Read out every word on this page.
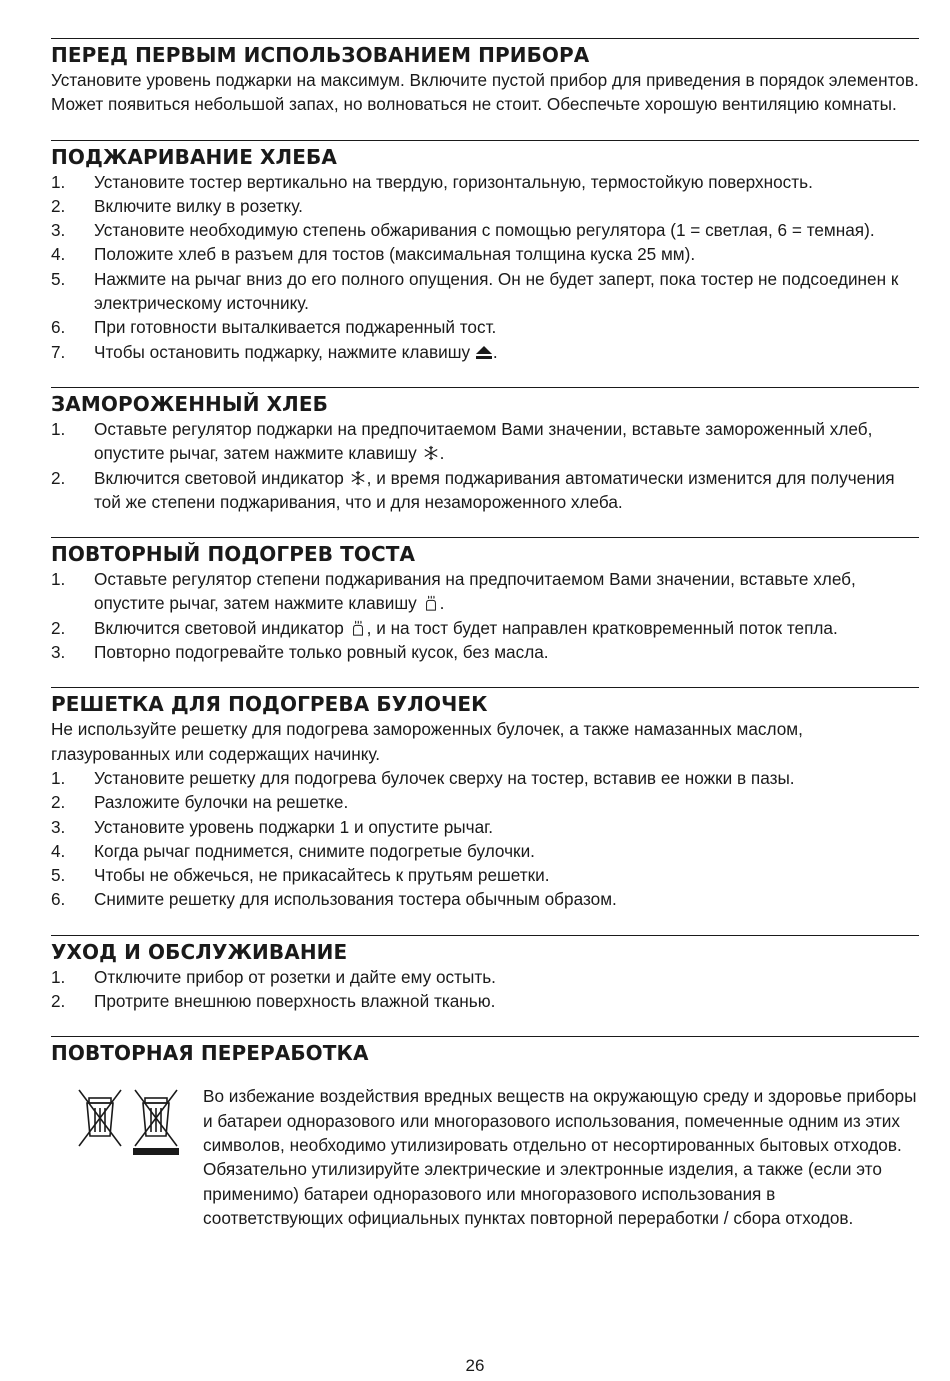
ПЕРЕД ПЕРВЫМ ИСПОЛЬЗОВАНИЕМ ПРИБОРА

Установите уровень поджарки на максимум. Включите пустой прибор для приведения в порядок элементов. Может появиться небольшой запах, но волноваться не стоит. Обеспечьте хорошую вентиляцию комнаты.

ПОДЖАРИВАНИЕ ХЛЕБА
1. Установите тостер вертикально на твердую, горизонтальную, термостойкую поверхность.
2. Включите вилку в розетку.
3. Установите необходимую степень обжаривания с помощью регулятора (1 = светлая, 6 = темная).
4. Положите хлеб в разъем для тостов (максимальная толщина куска 25 мм).
5. Нажмите на рычаг вниз до его полного опущения. Он не будет заперт, пока тостер не подсоединен к электрическому источнику.
6. При готовности выталкивается поджаренный тост.
7. Чтобы остановить поджарку, нажмите клавишу .
ЗАМОРОЖЕННЫЙ ХЛЕБ
1. Оставьте регулятор поджарки на предпочитаемом Вами значении, вставьте замороженный хлеб, опустите рычаг, затем нажмите клавишу .
2. Включится световой индикатор , и время поджаривания автоматически изменится для получения той же степени поджаривания, что и для незамороженного хлеба.
ПОВТОРНЫЙ ПОДОГРЕВ ТОСТА
1. Оставьте регулятор степени поджаривания на предпочитаемом Вами значении, вставьте хлеб, опустите рычаг, затем нажмите клавишу .
2. Включится световой индикатор , и на тост будет направлен кратковременный поток тепла.
3. Повторно подогревайте только ровный кусок, без масла.
РЕШЕТКА ДЛЯ ПОДОГРЕВА БУЛОЧЕК

Не используйте решетку для подогрева замороженных булочек, а также намазанных маслом, глазурованных или содержащих начинку.

1. Установите решетку для подогрева булочек сверху на тостер, вставив ее ножки в пазы.
2. Разложите булочки на решетке.
3. Установите уровень поджарки 1 и опустите рычаг.
4. Когда рычаг поднимется, снимите подогретые булочки.
5. Чтобы не обжечься, не прикасайтесь к прутьям решетки.
6. Снимите решетку для использования тостера обычным образом.
УХОД И ОБСЛУЖИВАНИЕ
1. Отключите прибор от розетки и дайте ему остыть.
2. Протрите внешнюю поверхность влажной тканью.
ПОВТОРНАЯ ПЕРЕРАБОТКА

Во избежание воздействия вредных веществ на окружающую среду и здоровье приборы и батареи одноразового или многоразового использования, помеченные одним из этих символов, необходимо утилизировать отдельно от несортированных бытовых отходов. Обязательно утилизируйте электрические и электронные изделия, а также (если это применимо) батареи одноразового или многоразового использования в соответствующих официальных пунктах повторной переработки / сбора отходов.

26
